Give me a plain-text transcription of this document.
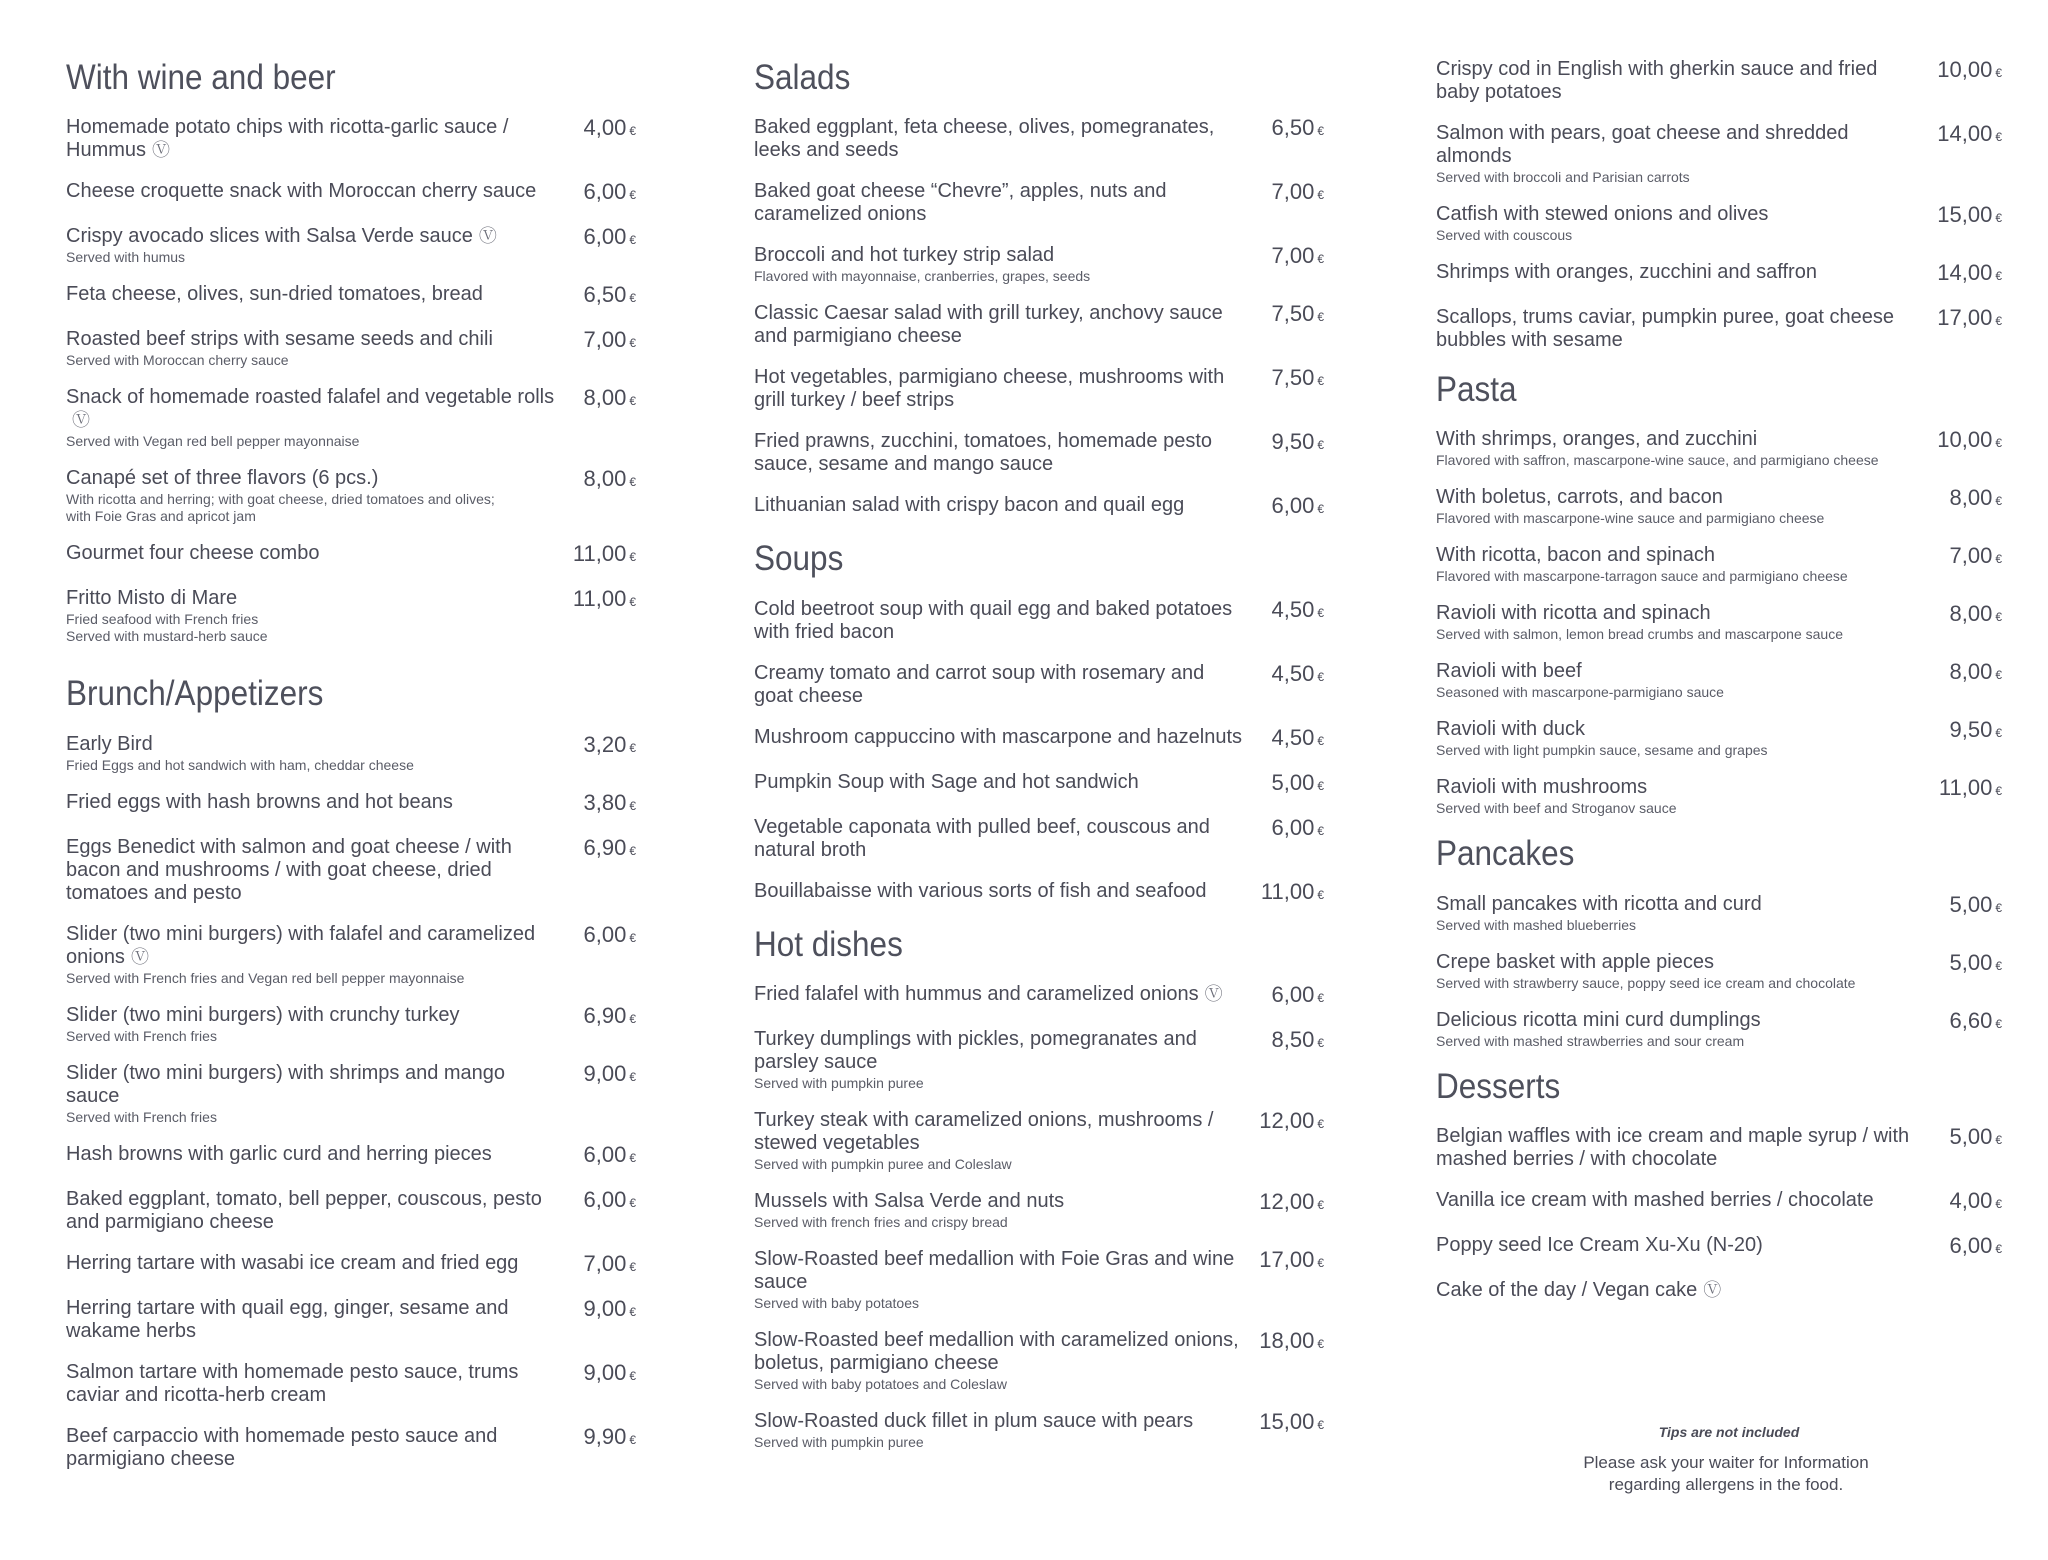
With wine and beer
Homemade potato chips with ricotta-garlic sauce / Hummus Ⓥ
4,00 €
Cheese croquette snack with Moroccan cherry sauce	6,00 €
Crispy avocado slices with Salsa Verde sauce Ⓥ
Served with humus
6,00 €
Feta cheese, olives, sun-dried tomatoes, bread	6,50 €
Roasted beef strips with sesame seeds and chili
Served with Moroccan cherry sauce
7,00 €
Snack of homemade roasted falafel and vegetable rollsⓋ
Served with Vegan red bell pepper mayonnaise
8,00 €
Canapé set of three flavors (6 pcs.)
With ricotta and herring; with goat cheese, dried tomatoes and olives;
with Foie Gras and apricot jam
8,00 €
Gourmet four cheese combo	11,00 €
Fritto Misto di Mare
Fried seafood with French fries
Served with mustard-herb sauce
11,00 €
Brunch/Appetizers
Early Bird
Fried Eggs and hot sandwich with ham, cheddar cheese
3,20 €
Fried eggs with hash browns and hot beans	3,80 €
Eggs Benedict with salmon and goat cheese / with bacon and mushrooms / with goat cheese, dried tomatoes and pesto
6,90 €
Slider (two mini burgers) with falafel and caramelized onions Ⓥ
Served with French fries and Vegan red bell pepper mayonnaise
6,00 €
Slider (two mini burgers) with crunchy turkey
Served with French fries
6,90 €
Slider (two mini burgers) with shrimps and mango sauce
Served with French fries
9,00 €
Hash browns with garlic curd and herring pieces	6,00 €
Baked eggplant, tomato, bell pepper, couscous, pesto and parmigiano cheese
6,00 €
Herring tartare with wasabi ice cream and fried egg	7,00 €
Herring tartare with quail egg, ginger, sesame and wakame herbs
9,00 €
Salmon tartare with homemade pesto sauce, trums caviar and ricotta-herb cream
9,00 €
Beef carpaccio with homemade pesto sauce and parmigiano cheese
9,90 €
Salads
Baked eggplant, feta cheese, olives, pomegranates, leeks and seeds
6,50 €
Baked goat cheese “Chevre”, apples, nuts and caramelized onions
7,00 €
Broccoli and hot turkey strip salad
Flavored with mayonnaise, cranberries, grapes, seeds
7,00 €
Classic Caesar salad with grill turkey, anchovy sauce and parmigiano cheese
7,50 €
Hot vegetables, parmigiano cheese, mushrooms with grill turkey / beef strips
7,50 €
Fried prawns, zucchini, tomatoes, homemade pesto sauce, sesame and mango sauce
9,50 €
Lithuanian salad with crispy bacon and quail egg	6,00 €
Soups
Cold beetroot soup with quail egg and baked potatoes with fried bacon
4,50 €
Creamy tomato and carrot soup with rosemary and goat cheese
4,50 €
Mushroom cappuccino with mascarpone and hazelnuts	4,50 €
Pumpkin Soup with Sage and hot sandwich	5,00 €
Vegetable caponata with pulled beef, couscous and natural broth
6,00 €
Bouillabaisse with various sorts of fish and seafood	11,00 €
Hot dishes
Fried falafel with hummus and caramelized onions Ⓥ	6,00 €
Turkey dumplings with pickles, pomegranates and parsley sauce
Served with pumpkin puree
8,50 €
Turkey steak with caramelized onions, mushrooms / stewed vegetables
Served with pumpkin puree and Coleslaw
12,00 €
Mussels with Salsa Verde and nuts
Served with french fries and crispy bread
12,00 €
Slow-Roasted beef medallion with Foie Gras and wine sauce
Served with baby potatoes
17,00 €
Slow-Roasted beef medallion with caramelized onions, boletus, parmigiano cheese
Served with baby potatoes and Coleslaw
18,00 €
Slow-Roasted duck fillet in plum sauce with pears
Served with pumpkin puree
15,00 €
Crispy cod in English with gherkin sauce and fried baby potatoes
10,00 €
Salmon with pears, goat cheese and shredded almonds
Served with broccoli and Parisian carrots
14,00 €
Catfish with stewed onions and olives
Served with couscous
15,00 €
Shrimps with oranges, zucchini and saffron	14,00 €
Scallops, trums caviar, pumpkin puree, goat cheese bubbles with sesame
17,00 €
Pasta
With shrimps, oranges, and zucchini
Flavored with saffron, mascarpone-wine sauce, and parmigiano cheese
10,00 €
With boletus, carrots, and bacon
Flavored with mascarpone-wine sauce and parmigiano cheese
8,00 €
With ricotta, bacon and spinach
Flavored with mascarpone-tarragon sauce and parmigiano cheese
7,00 €
Ravioli with ricotta and spinach
Served with salmon, lemon bread crumbs and mascarpone sauce
8,00 €
Ravioli with beef
Seasoned with mascarpone-parmigiano sauce
8,00 €
Ravioli with duck
Served with light pumpkin sauce, sesame and grapes
9,50 €
Ravioli with mushrooms
Served with beef and Stroganov sauce
11,00 €
Pancakes
Small pancakes with ricotta and curd
Served with mashed blueberries
5,00 €
Crepe basket with apple pieces
Served with strawberry sauce, poppy seed ice cream and chocolate
5,00 €
Delicious ricotta mini curd dumplings
Served with mashed strawberries and sour cream
6,60 €
Desserts
Belgian waffles with ice cream and maple syrup / with mashed berries / with chocolate
5,00 €
Vanilla ice cream with mashed berries / chocolate	4,00 €
Poppy seed Ice Cream Xu-Xu (N-20)	6,00 €
Cake of the day / Vegan cake Ⓥ
Tips are not included
Please ask your waiter for Information regarding allergens in the food.
